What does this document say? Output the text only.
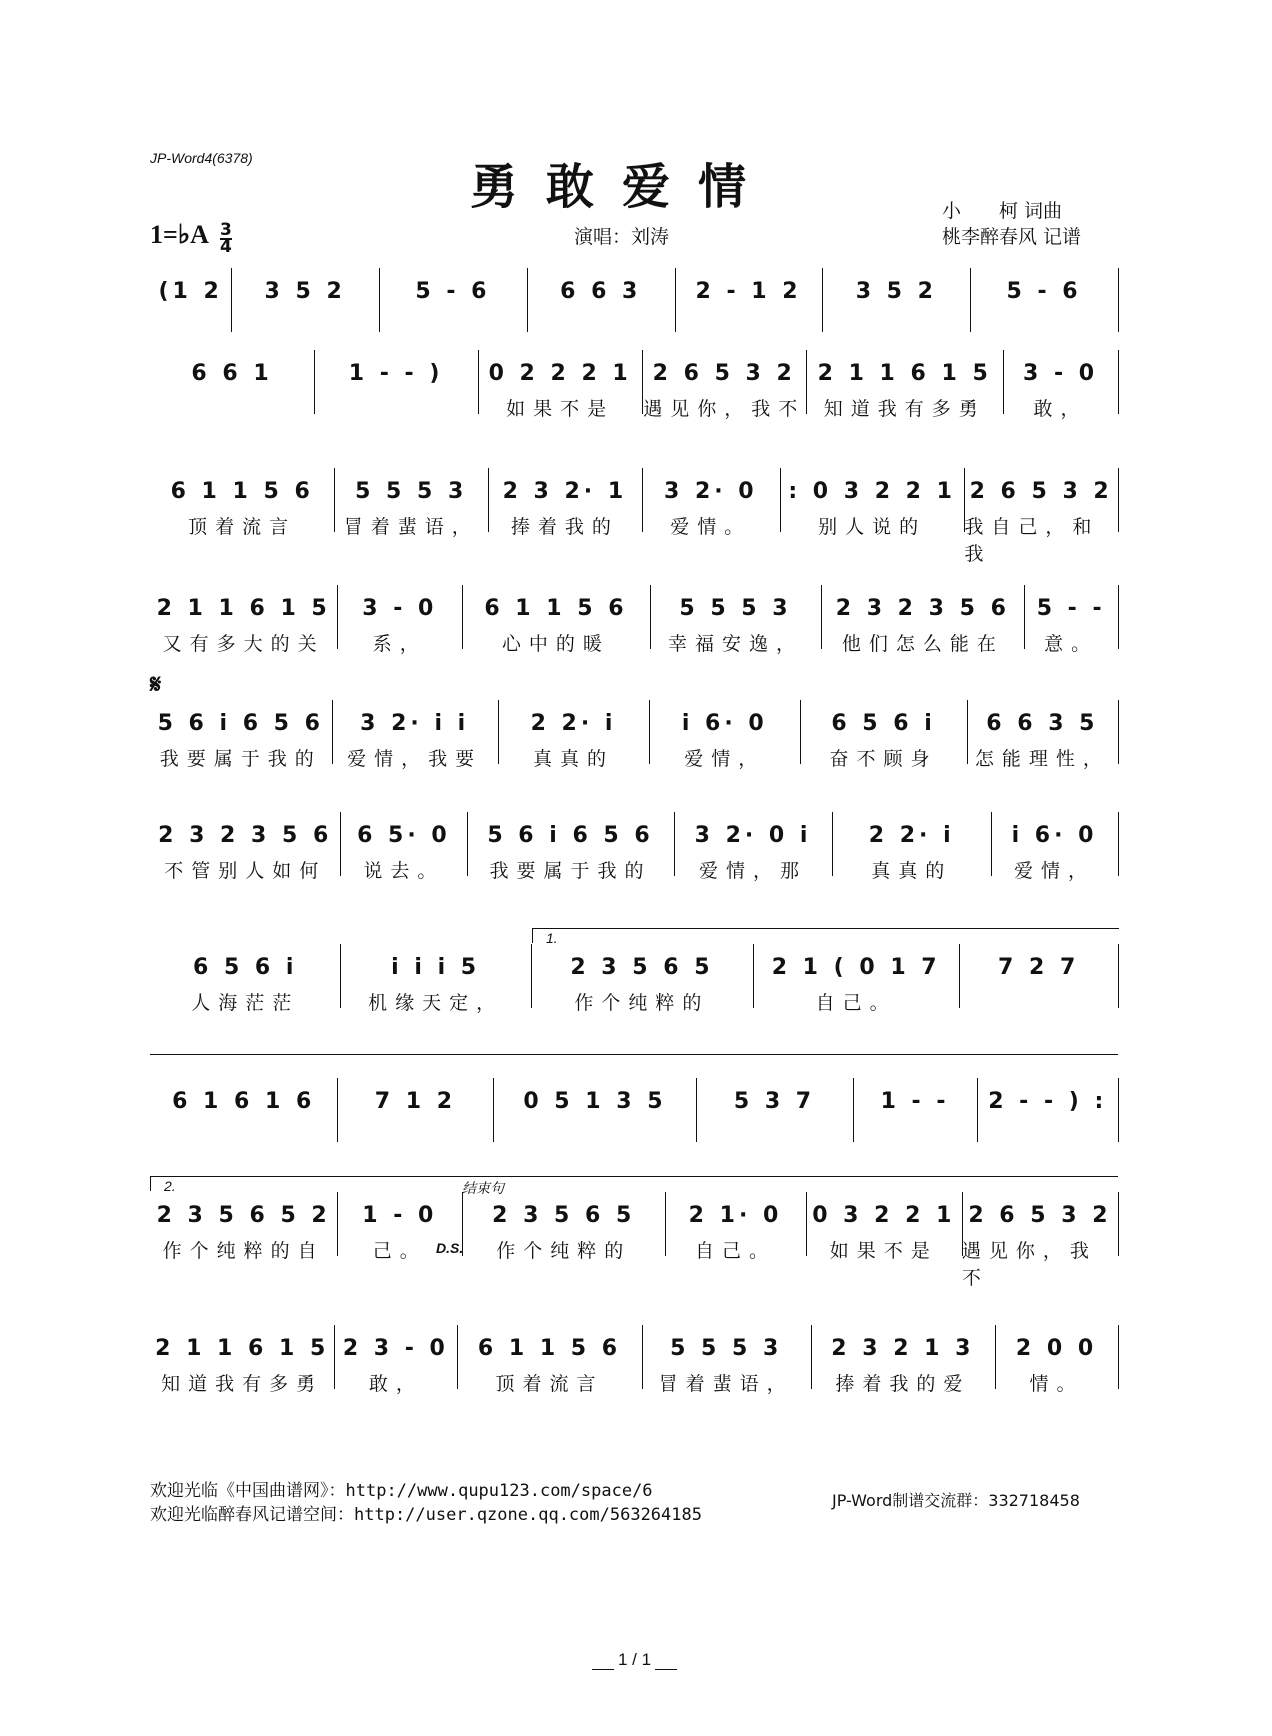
JP-Word4(6378)
勇敢爱情	小　　柯 词曲
桃李醉春风 记谱
演唱：刘涛
1=♭A $\frac{3}{4}$
(1 2	3 5 2	5 - 6	6 6 3	2 - 1 2	3 5 2	5 - 6
6 6 1	1 - - )	0 2 2 2 1
如果不是
2 6 5 3 2
遇见你，我不
2 1 1 6 1 5
知道我有多勇
3 - 0
敢，
6 1 1 5 6
顶着流言
5 5 5 3
冒着蜚语，
2 3 2· 1
捧着我的
3 2· 0
爱情。
: 0 3 2 2 1
别人说的
2 6 5 3 2
我自己，和我
2 1 1 6 1 5
又有多大的关
3 - 0
系，
6 1 1 5 6
心中的暖
5 5 5 3
幸福安逸，
2 3 2 3 5 6
他们怎么能在
5 - -
意。
5 6 i 6 5 6
我要属于我的
3 2· i i
爱情，我要
2 2· i
真真的
i 6· 0
爱情，
6 5 6 i
奋不顾身
6 6 3 5
怎能理性，
𝄋
2 3 2 3 5 6
不管别人如何
6 5· 0
说去。
5 6 i 6 5 6
我要属于我的
3 2· 0 i
爱情，那
2 2· i
真真的
i 6· 0
爱情，
6 5 6 i
人海茫茫
i i i 5
机缘天定，
2 3 5 6 5
作个纯粹的
2 1 ( 0 1 7
自己。
7 2 7
1.
6 1 6 1 6	7 1 2	0 5 1 3 5	5 3 7	1 - -	2 - - ) :
2 3 5 6 5 2
作个纯粹的自
1 - 0
己。
2 3 5 6 5
作个纯粹的
2 1· 0
自己。
0 3 2 2 1
如果不是
2 6 5 3 2
遇见你，我不
2.	结束句
D.S.
2 1 1 6 1 5
知道我有多勇
2 3 - 0
敢，
6 1 1 5 6
顶着流言
5 5 5 3
冒着蜚语，
2 3 2 1 3
捧着我的爱
2 0 0
情。
欢迎光临《中国曲谱网》：http://www.qupu123.com/space/6
欢迎光临醉春风记谱空间：http://user.qzone.qq.com/563264185
JP-Word制谱交流群：332718458
1 / 1
